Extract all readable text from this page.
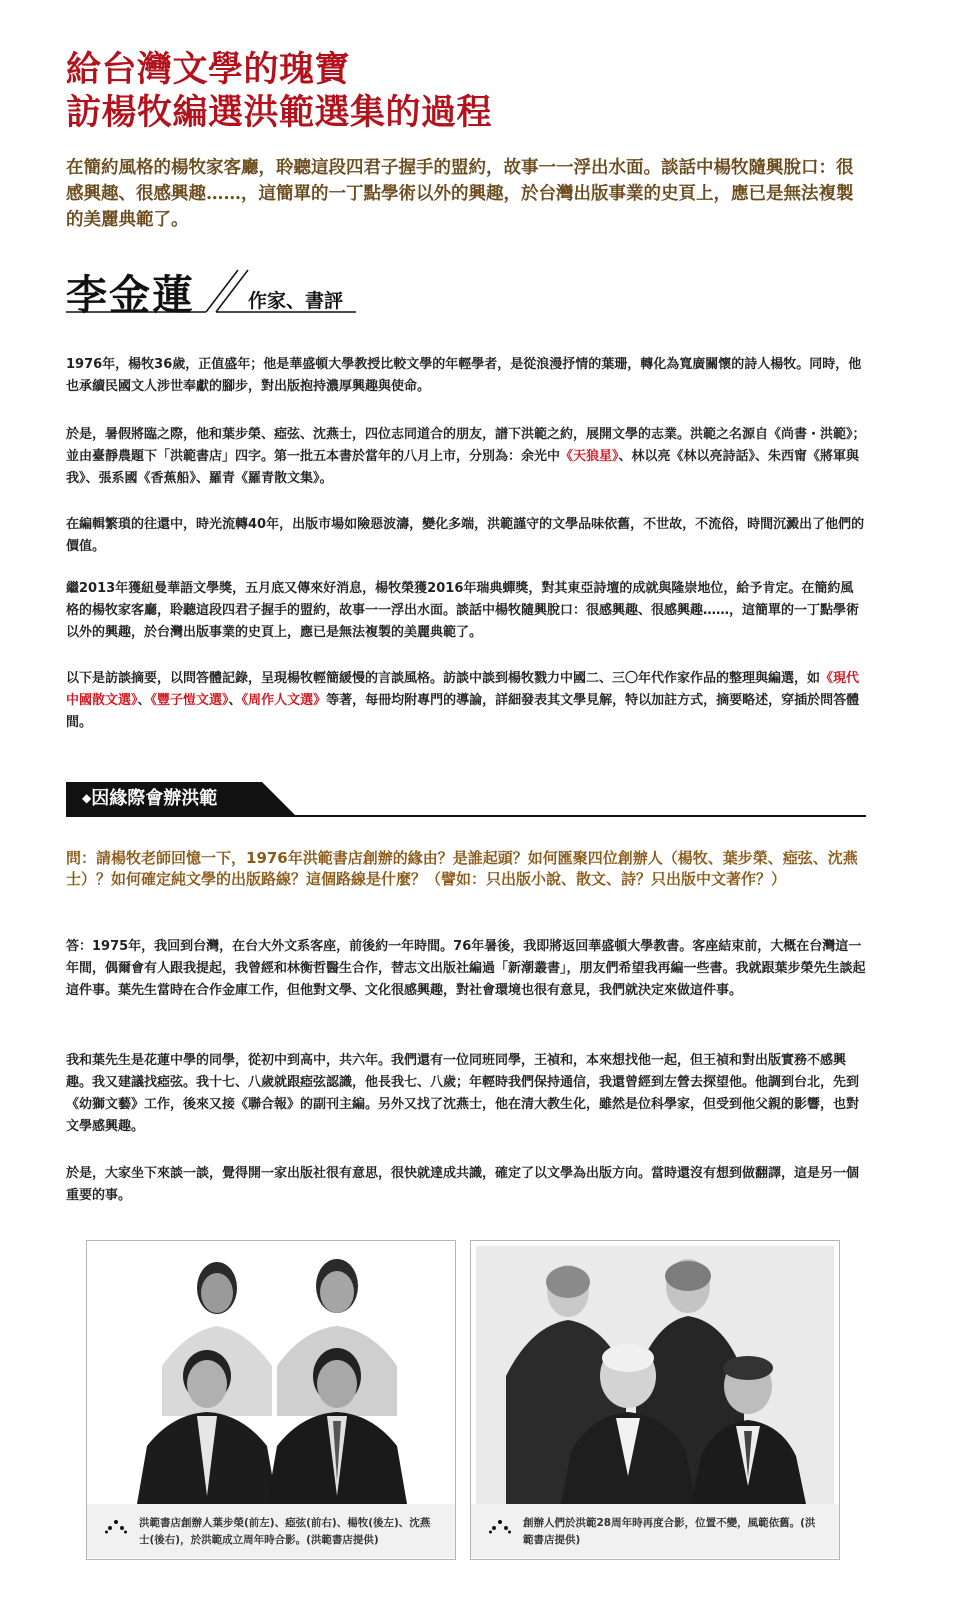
給台灣文學的瑰寶
訪楊牧編選洪範選集的過程
在簡約風格的楊牧家客廳，聆聽這段四君子握手的盟約，故事一一浮出水面。談話中楊牧隨興脫口：很感興趣、很感興趣……，這簡單的一丁點學術以外的興趣，於台灣出版事業的史頁上，應已是無法複製的美麗典範了。
李金蓮	作家、書評
1976年，楊牧36歲，正值盛年；他是華盛頓大學教授比較文學的年輕學者，是從浪漫抒情的葉珊，轉化為寬廣關懷的詩人楊牧。同時，他也承續民國文人涉世奉獻的腳步，對出版抱持濃厚興趣與使命。
於是，暑假將臨之際，他和葉步榮、瘂弦、沈燕士，四位志同道合的朋友，譜下洪範之約，展開文學的志業。洪範之名源自《尚書・洪範》；並由臺靜農題下「洪範書店」四字。第一批五本書於當年的八月上市，分別為：余光中《天狼星》、林以亮《林以亮詩話》、朱西甯《將軍與我》、張系國《香蕉船》、羅青《羅青散文集》。
在編輯繁瑣的往還中，時光流轉40年，出版市場如險惡波濤，變化多端，洪範謹守的文學品味依舊，不世故，不流俗，時間沉澱出了他們的價值。
繼2013年獲紐曼華語文學獎，五月底又傳來好消息，楊牧榮獲2016年瑞典蟬獎，對其東亞詩壇的成就與隆崇地位，給予肯定。在簡約風格的楊牧家客廳，聆聽這段四君子握手的盟約，故事一一浮出水面。談話中楊牧隨興脫口：很感興趣、很感興趣……，這簡單的一丁點學術以外的興趣，於台灣出版事業的史頁上，應已是無法複製的美麗典範了。
以下是訪談摘要，以問答體記錄，呈現楊牧輕簡緩慢的言談風格。訪談中談到楊牧戮力中國二、三〇年代作家作品的整理與編選，如《現代中國散文選》、《豐子愷文選》、《周作人文選》等著，每冊均附專門的導論，詳細發表其文學見解，特以加註方式，摘要略述，穿插於問答體間。
◆因緣際會辦洪範
問：請楊牧老師回憶一下，1976年洪範書店創辦的緣由？是誰起頭？如何匯聚四位創辦人（楊牧、葉步榮、瘂弦、沈燕士）？如何確定純文學的出版路線？這個路線是什麼？（譬如：只出版小說、散文、詩？只出版中文著作？）
答：1975年，我回到台灣，在台大外文系客座，前後約一年時間。76年暑後，我即將返回華盛頓大學教書。客座結束前，大概在台灣這一年間，偶爾會有人跟我提起，我曾經和林衡哲醫生合作，替志文出版社編過「新潮叢書」，朋友們希望我再編一些書。我就跟葉步榮先生談起這件事。葉先生當時在合作金庫工作，但他對文學、文化很感興趣，對社會環境也很有意見，我們就決定來做這件事。
我和葉先生是花蓮中學的同學，從初中到高中，共六年。我們還有一位同班同學，王禎和，本來想找他一起，但王禎和對出版實務不感興趣。我又建議找瘂弦。我十七、八歲就跟瘂弦認識，他長我七、八歲；年輕時我們保持通信，我還曾經到左營去探望他。他調到台北，先到《幼獅文藝》工作，後來又接《聯合報》的副刊主編。另外又找了沈燕士，他在清大教生化，雖然是位科學家，但受到他父親的影響，也對文學感興趣。
於是，大家坐下來談一談，覺得開一家出版社很有意思，很快就達成共識，確定了以文學為出版方向。當時還沒有想到做翻譯，這是另一個重要的事。
洪範書店創辦人葉步榮(前左)、瘂弦(前右)、楊牧(後左)、沈燕士(後右)，於洪範成立周年時合影。(洪範書店提供)
創辦人們於洪範28周年時再度合影，位置不變，風範依舊。(洪範書店提供)
